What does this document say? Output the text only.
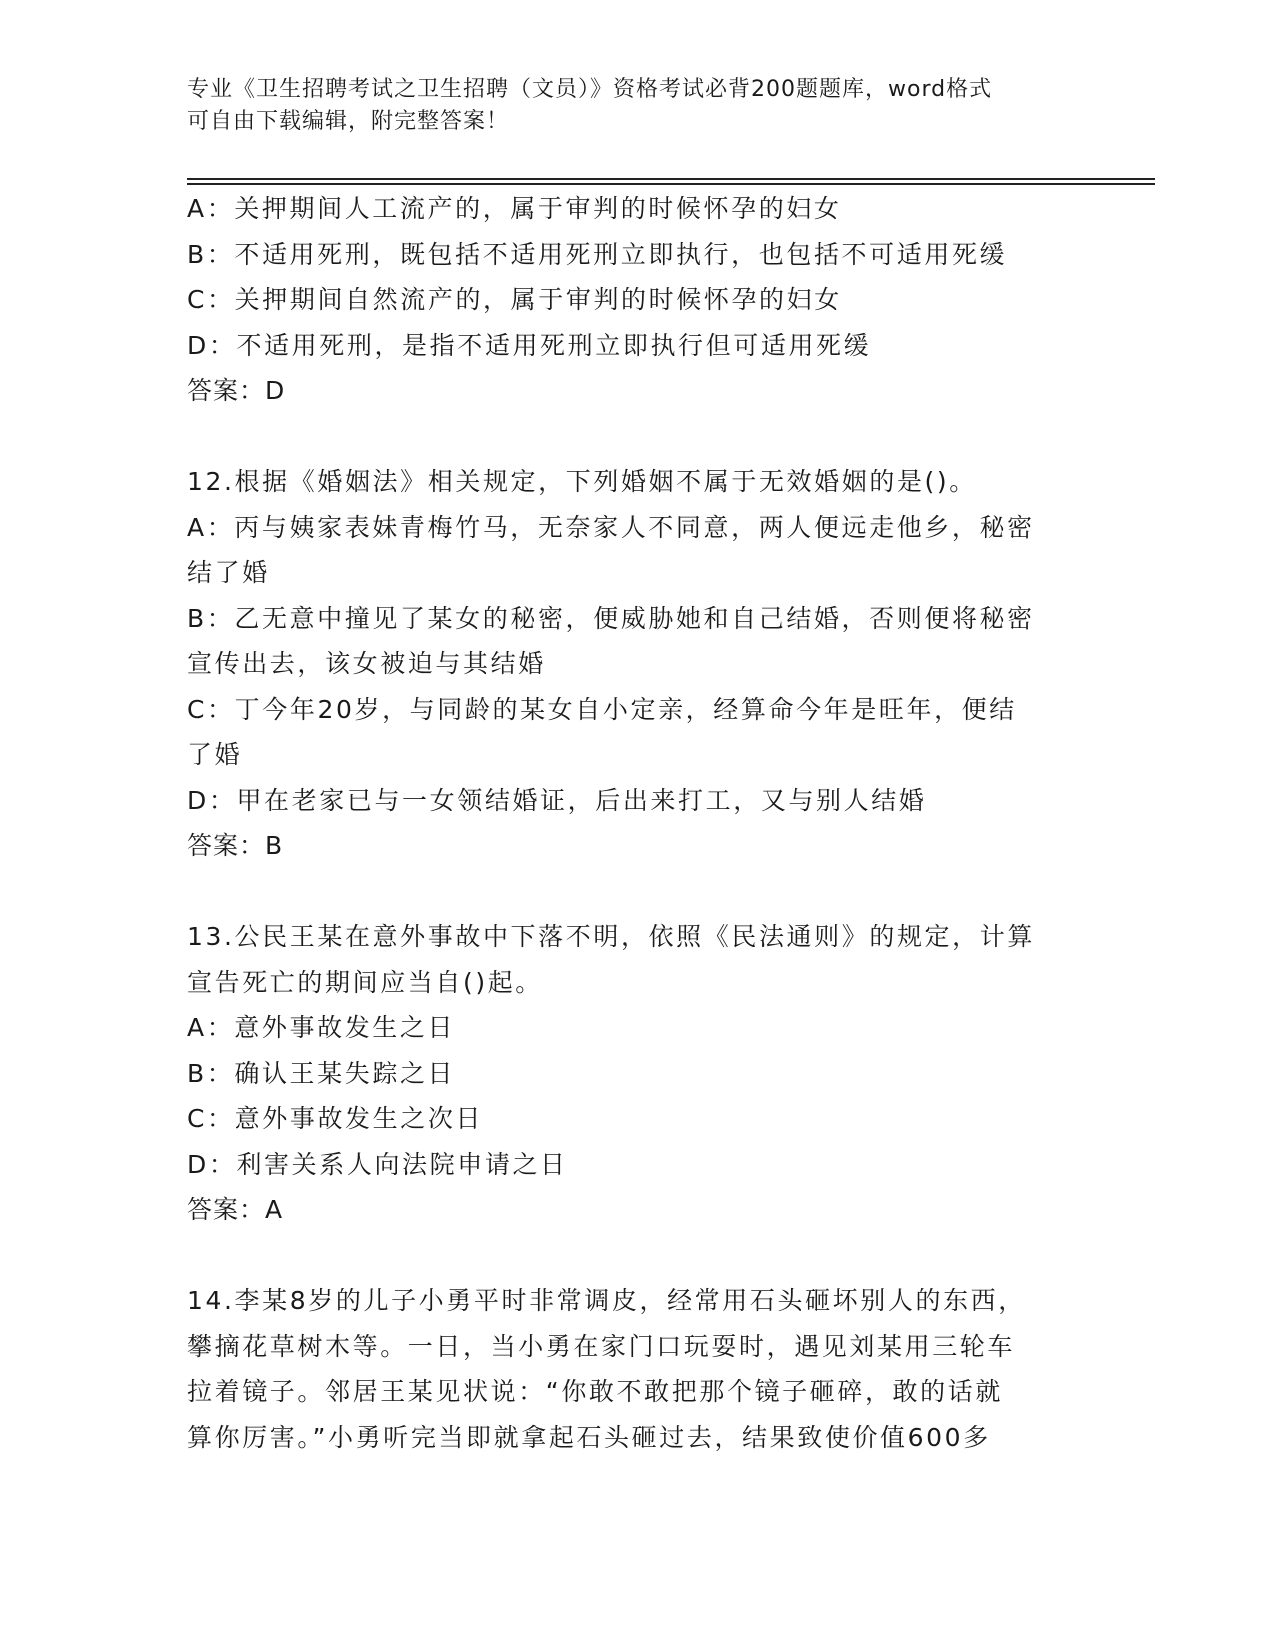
专业《卫生招聘考试之卫生招聘（文员）》资格考试必背200题题库，word格式
可自由下载编辑，附完整答案！
A：关押期间人工流产的，属于审判的时候怀孕的妇女
B：不适用死刑，既包括不适用死刑立即执行，也包括不可适用死缓
C：关押期间自然流产的，属于审判的时候怀孕的妇女
D：不适用死刑，是指不适用死刑立即执行但可适用死缓
答案：D
12.根据《婚姻法》相关规定，下列婚姻不属于无效婚姻的是()。
A：丙与姨家表妹青梅竹马，无奈家人不同意，两人便远走他乡，秘密
结了婚
B：乙无意中撞见了某女的秘密，便威胁她和自己结婚，否则便将秘密
宣传出去，该女被迫与其结婚
C：丁今年20岁，与同龄的某女自小定亲，经算命今年是旺年，便结
了婚
D：甲在老家已与一女领结婚证，后出来打工，又与别人结婚
答案：B
13.公民王某在意外事故中下落不明，依照《民法通则》的规定，计算
宣告死亡的期间应当自()起。
A：意外事故发生之日
B：确认王某失踪之日
C：意外事故发生之次日
D：利害关系人向法院申请之日
答案：A
14.李某8岁的儿子小勇平时非常调皮，经常用石头砸坏别人的东西，
攀摘花草树木等。一日，当小勇在家门口玩耍时，遇见刘某用三轮车
拉着镜子。邻居王某见状说：“你敢不敢把那个镜子砸碎，敢的话就
算你厉害。”小勇听完当即就拿起石头砸过去，结果致使价值600多
